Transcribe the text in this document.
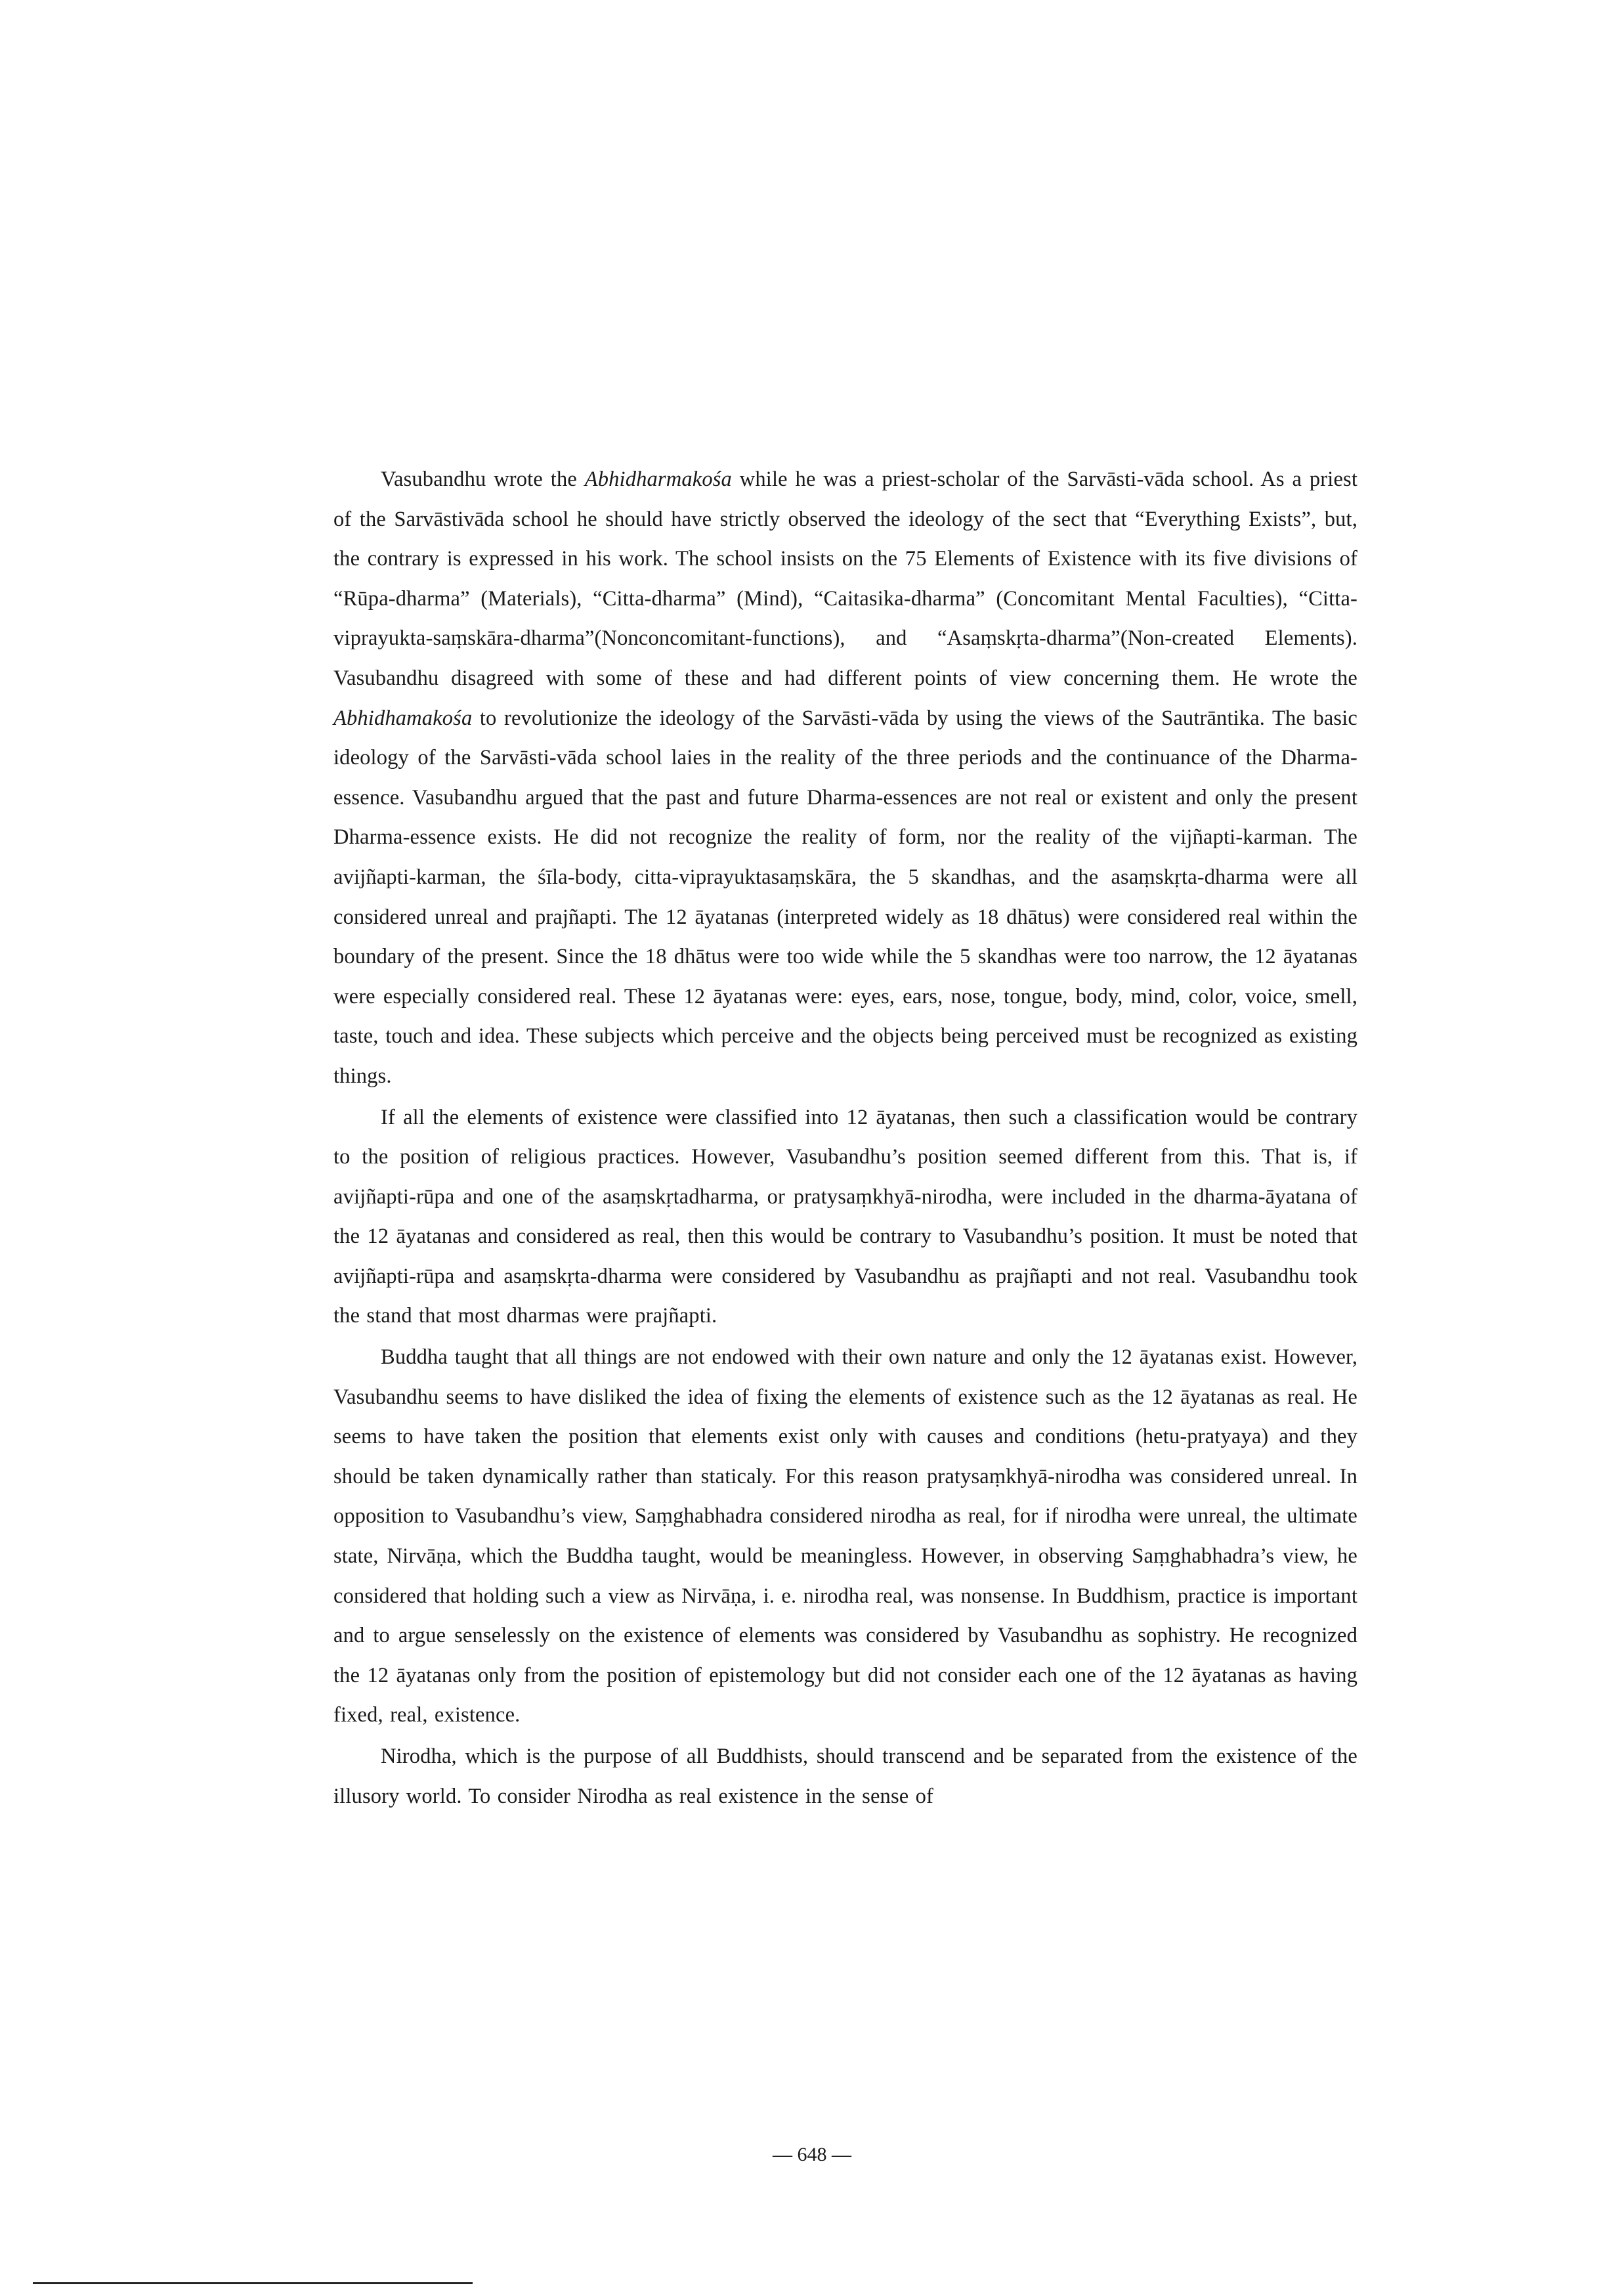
Vasubandhu wrote the Abhidharmakośa while he was a priest-scholar of the Sarvāsti-vāda school. As a priest of the Sarvāstivāda school he should have strictly observed the ideology of the sect that “Everything Exists”, but, the contrary is expressed in his work. The school insists on the 75 Elements of Existence with its five divisions of “Rūpa-dharma” (Materials), “Citta-dharma” (Mind), “Caitasika-dharma” (Concomitant Mental Faculties), “Citta-viprayukta-saṃskāra-dharma”(Nonconcomitant-functions), and “Asaṃskṛta-dharma”(Non-created Elements). Vasubandhu disagreed with some of these and had different points of view concerning them. He wrote the Abhidhamakośa to revolutionize the ideology of the Sarvāsti-vāda by using the views of the Sautrāntika. The basic ideology of the Sarvāsti-vāda school laies in the reality of the three periods and the continuance of the Dharma-essence. Vasubandhu argued that the past and future Dharma-essences are not real or existent and only the present Dharma-essence exists. He did not recognize the reality of form, nor the reality of the vijñapti-karman. The avijñapti-karman, the śīla-body, citta-viprayuktasaṃskāra, the 5 skandhas, and the asaṃskṛta-dharma were all considered unreal and prajñapti. The 12 āyatanas (interpreted widely as 18 dhātus) were considered real within the boundary of the present. Since the 18 dhātus were too wide while the 5 skandhas were too narrow, the 12 āyatanas were especially considered real. These 12 āyatanas were: eyes, ears, nose, tongue, body, mind, color, voice, smell, taste, touch and idea. These subjects which perceive and the objects being perceived must be recognized as existing things.

If all the elements of existence were classified into 12 āyatanas, then such a classification would be contrary to the position of religious practices. However, Vasubandhu’s position seemed different from this. That is, if avijñapti-rūpa and one of the asaṃskṛtadharma, or pratysaṃkhyā-nirodha, were included in the dharma-āyatana of the 12 āyatanas and considered as real, then this would be contrary to Vasubandhu’s position. It must be noted that avijñapti-rūpa and asaṃskṛta-dharma were considered by Vasubandhu as prajñapti and not real. Vasubandhu took the stand that most dharmas were prajñapti.

Buddha taught that all things are not endowed with their own nature and only the 12 āyatanas exist. However, Vasubandhu seems to have disliked the idea of fixing the elements of existence such as the 12 āyatanas as real. He seems to have taken the position that elements exist only with causes and conditions (hetu-pratyaya) and they should be taken dynamically rather than staticaly. For this reason pratysaṃkhyā-nirodha was considered unreal. In opposition to Vasubandhu’s view, Saṃghabhadra considered nirodha as real, for if nirodha were unreal, the ultimate state, Nirvāṇa, which the Buddha taught, would be meaningless. However, in observing Saṃghabhadra’s view, he considered that holding such a view as Nirvāṇa, i. e. nirodha real, was nonsense. In Buddhism, practice is important and to argue senselessly on the existence of elements was considered by Vasubandhu as sophistry. He recognized the 12 āyatanas only from the position of epistemology but did not consider each one of the 12 āyatanas as having fixed, real, existence.

Nirodha, which is the purpose of all Buddhists, should transcend and be separated from the existence of the illusory world. To consider Nirodha as real existence in the sense of

— 648 —
